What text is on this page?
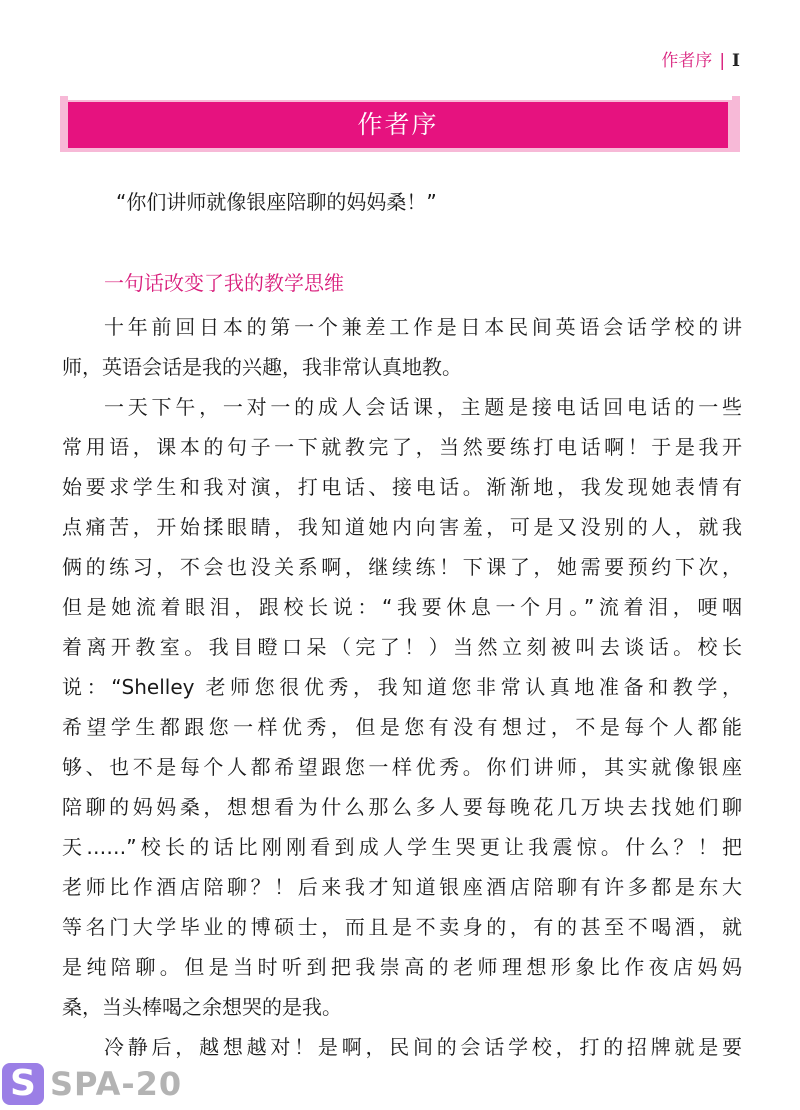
作者序 | I
作者序
“你们讲师就像银座陪聊的妈妈桑！”
一句话改变了我的教学思维
十年前回日本的第一个兼差工作是日本民间英语会话学校的讲
师，英语会话是我的兴趣，我非常认真地教。
一天下午，一对一的成人会话课，主题是接电话回电话的一些
常用语，课本的句子一下就教完了，当然要练打电话啊！于是我开
始要求学生和我对演，打电话、接电话。渐渐地，我发现她表情有
点痛苦，开始揉眼睛，我知道她内向害羞，可是又没别的人，就我
俩的练习，不会也没关系啊，继续练！下课了，她需要预约下次，
但是她流着眼泪，跟校长说：“我要休息一个月。”流着泪，哽咽
着离开教室。我目瞪口呆（完了！）当然立刻被叫去谈话。校长
说：“Shelley 老师您很优秀，我知道您非常认真地准备和教学，
希望学生都跟您一样优秀，但是您有没有想过，不是每个人都能
够、也不是每个人都希望跟您一样优秀。你们讲师，其实就像银座
陪聊的妈妈桑，想想看为什么那么多人要每晚花几万块去找她们聊
天……”校长的话比刚刚看到成人学生哭更让我震惊。什么？！把
老师比作酒店陪聊？！后来我才知道银座酒店陪聊有许多都是东大
等名门大学毕业的博硕士，而且是不卖身的，有的甚至不喝酒，就
是纯陪聊。但是当时听到把我崇高的老师理想形象比作夜店妈妈
桑，当头棒喝之余想哭的是我。
冷静后，越想越对！是啊，民间的会话学校，打的招牌就是要
S SPA-20
